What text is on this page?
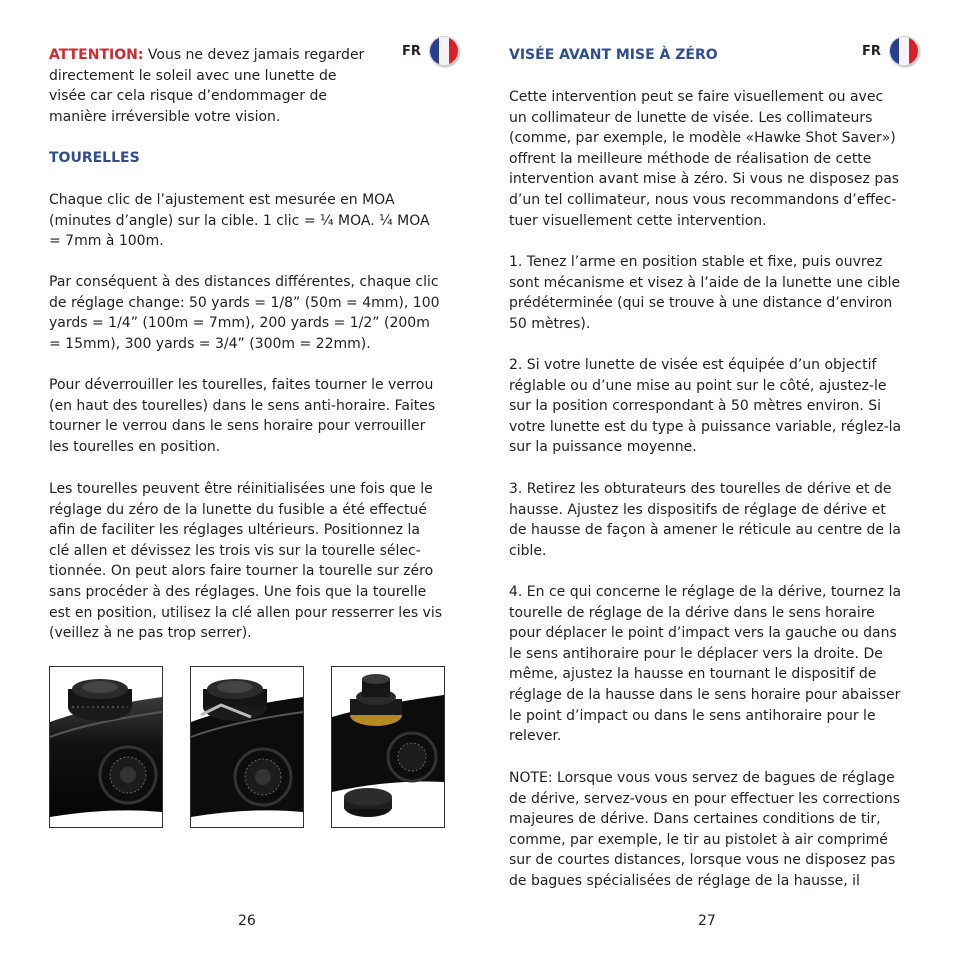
FR

ATTENTION: Vous ne devez jamais regarder directement le soleil avec une lunette de visée car cela risque d’endommager de manière irréversible votre vision.

TOURELLES

Chaque clic de l’ajustement est mesurée en MOA (minutes d’angle) sur la cible. 1 clic = ¼ MOA. ¼ MOA = 7mm à 100m.

Par conséquent à des distances différentes, chaque clic de réglage change: 50 yards = 1/8” (50m = 4mm), 100 yards = 1/4” (100m = 7mm), 200 yards = 1/2” (200m = 15mm), 300 yards = 3/4” (300m = 22mm).

Pour déverrouiller les tourelles, faites tourner le verrou (en haut des tourelles) dans le sens anti-horaire. Faites tourner le verrou dans le sens horaire pour verrouiller les tourelles en position.

Les tourelles peuvent être réinitialisées une fois que le réglage du zéro de la lunette du fusible a été effectué afin de faciliter les réglages ultérieurs. Positionnez la clé allen et dévissez les trois vis sur la tourelle sélec-tionnée. On peut alors faire tourner la tourelle sur zéro sans procéder à des réglages. Une fois que la tourelle est en position, utilisez la clé allen pour resserrer les vis (veillez à ne pas trop serrer).

26
FR

VISÉE AVANT MISE À ZÉRO

Cette intervention peut se faire visuellement ou avec un collimateur de lunette de visée. Les collimateurs (comme, par exemple, le modèle «Hawke Shot Saver») offrent la meilleure méthode de réalisation de cette intervention avant mise à zéro. Si vous ne disposez pas d’un tel collimateur, nous vous recommandons d’effec-tuer visuellement cette intervention.

1. Tenez l’arme en position stable et fixe, puis ouvrez sont mécanisme et visez à l’aide de la lunette une cible prédéterminée (qui se trouve à une distance d’environ 50 mètres).

2. Si votre lunette de visée est équipée d’un objectif réglable ou d’une mise au point sur le côté, ajustez-le sur la position correspondant à 50 mètres environ. Si votre lunette est du type à puissance variable, réglez-la sur la puissance moyenne.

3. Retirez les obturateurs des tourelles de dérive et de hausse. Ajustez les dispositifs de réglage de dérive et de hausse de façon à amener le réticule au centre de la cible.

4. En ce qui concerne le réglage de la dérive, tournez la tourelle de réglage de la dérive dans le sens horaire pour déplacer le point d’impact vers la gauche ou dans le sens antihoraire pour le déplacer vers la droite. De même, ajustez la hausse en tournant le dispositif de réglage de la hausse dans le sens horaire pour abaisser le point d’impact ou dans le sens antihoraire pour le relever.

NOTE: Lorsque vous vous servez de bagues de réglage de dérive, servez-vous en pour effectuer les corrections majeures de dérive. Dans certaines conditions de tir, comme, par exemple, le tir au pistolet à air comprimé sur de courtes distances, lorsque vous ne disposez pas de bagues spécialisées de réglage de la hausse, il

27
